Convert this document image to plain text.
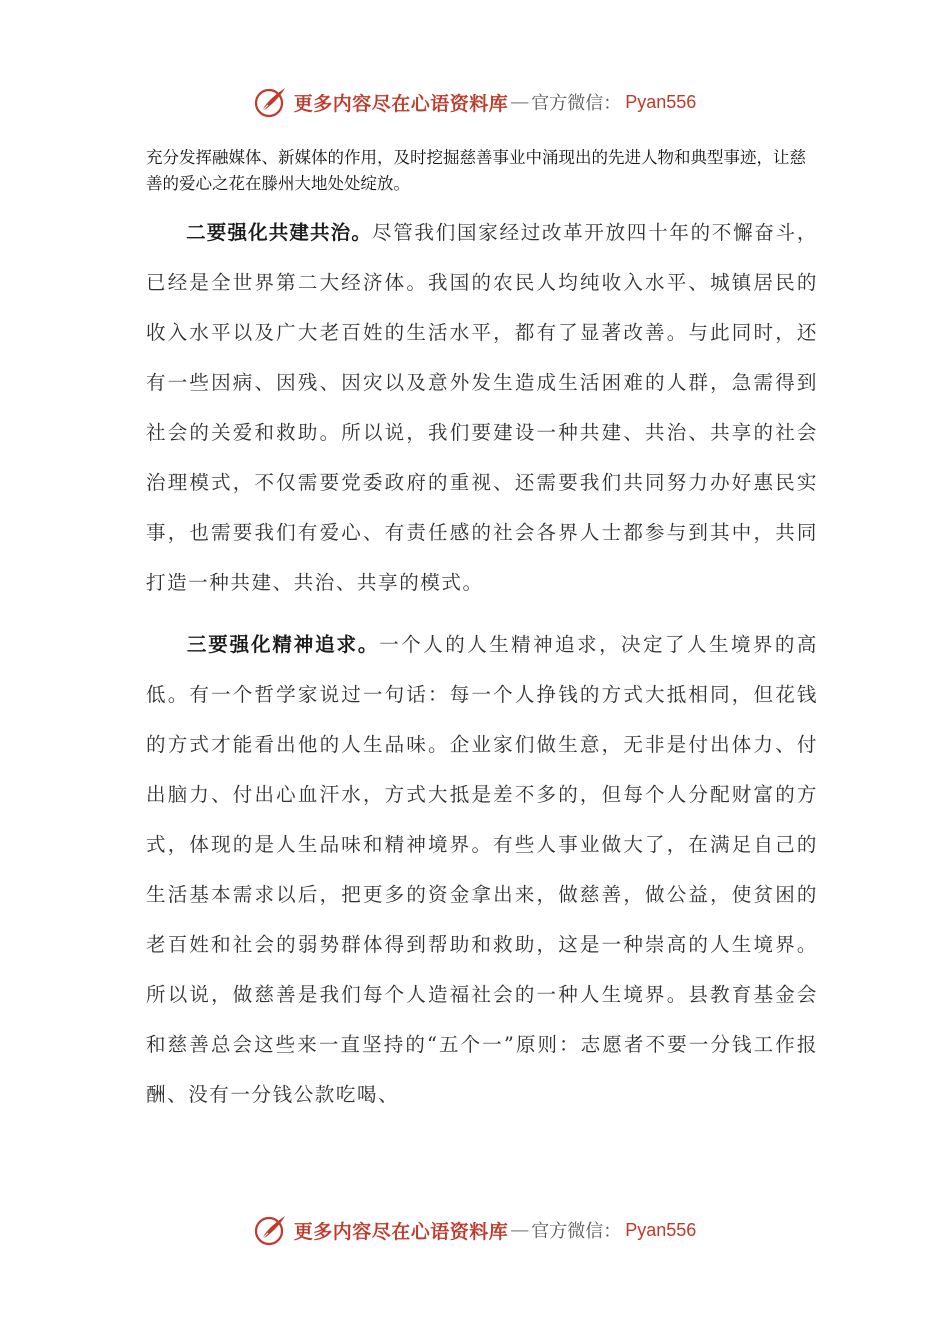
更多内容尽在心语资料库 — 官方微信： Pyan556
充分发挥融媒体、新媒体的作用，及时挖掘慈善事业中涌现出的先进人物和典型事迹，让慈善的爱心之花在滕州大地处处绽放。
二要强化共建共治。尽管我们国家经过改革开放四十年的不懈奋斗，已经是全世界第二大经济体。我国的农民人均纯收入水平、城镇居民的收入水平以及广大老百姓的生活水平，都有了显著改善。与此同时，还有一些因病、因残、因灾以及意外发生造成生活困难的人群，急需得到社会的关爱和救助。所以说，我们要建设一种共建、共治、共享的社会治理模式，不仅需要党委政府的重视、还需要我们共同努力办好惠民实事，也需要我们有爱心、有责任感的社会各界人士都参与到其中，共同打造一种共建、共治、共享的模式。
三要强化精神追求。一个人的人生精神追求，决定了人生境界的高低。有一个哲学家说过一句话：每一个人挣钱的方式大抵相同，但花钱的方式才能看出他的人生品味。企业家们做生意，无非是付出体力、付出脑力、付出心血汗水，方式大抵是差不多的，但每个人分配财富的方式，体现的是人生品味和精神境界。有些人事业做大了，在满足自己的生活基本需求以后，把更多的资金拿出来，做慈善，做公益，使贫困的老百姓和社会的弱势群体得到帮助和救助，这是一种崇高的人生境界。所以说，做慈善是我们每个人造福社会的一种人生境界。县教育基金会和慈善总会这些来一直坚持的“五个一”原则：志愿者不要一分钱工作报酬、没有一分钱公款吃喝、
更多内容尽在心语资料库 — 官方微信： Pyan556
